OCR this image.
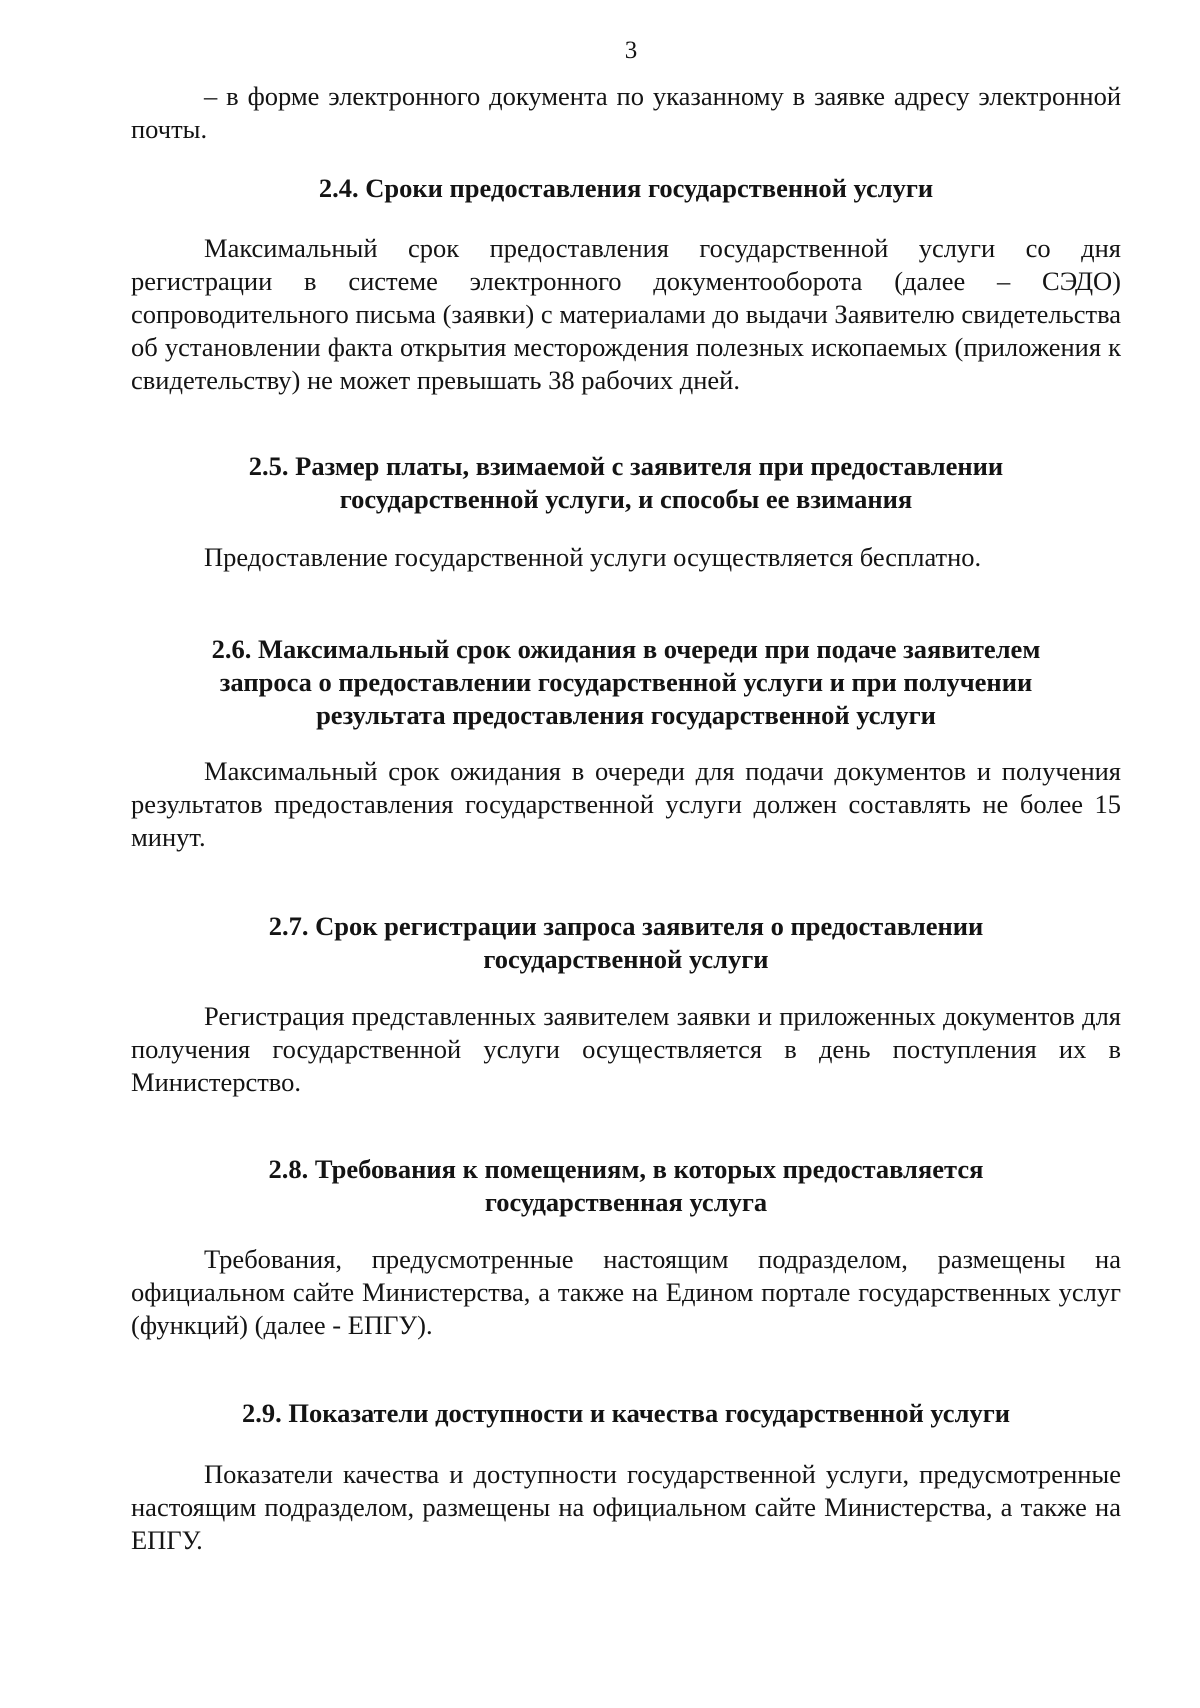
3

– в форме электронного документа по указанному в заявке адресу электронной почты.

2.4. Сроки предоставления государственной услуги

Максимальный срок предоставления государственной услуги со дня регистрации в системе электронного документооборота (далее – СЭДО) сопроводительного письма (заявки) с материалами до выдачи Заявителю свидетельства об установлении факта открытия месторождения полезных ископаемых (приложения к свидетельству) не может превышать 38 рабочих дней.

2.5. Размер платы, взимаемой с заявителя при предоставлении
государственной услуги, и способы ее взимания

Предоставление государственной услуги осуществляется бесплатно.

2.6. Максимальный срок ожидания в очереди при подаче заявителем
запроса о предоставлении государственной услуги и при получении
результата предоставления государственной услуги

Максимальный срок ожидания в очереди для подачи документов и получения результатов предоставления государственной услуги должен составлять не более 15 минут.

2.7. Срок регистрации запроса заявителя о предоставлении
государственной услуги

Регистрация представленных заявителем заявки и приложенных документов для получения государственной услуги осуществляется в день поступления их в Министерство.

2.8. Требования к помещениям, в которых предоставляется
государственная услуга

Требования, предусмотренные настоящим подразделом, размещены на официальном сайте Министерства, а также на Едином портале государственных услуг (функций) (далее - ЕПГУ).

2.9. Показатели доступности и качества государственной услуги

Показатели качества и доступности государственной услуги, предусмотренные настоящим подразделом, размещены на официальном сайте Министерства, а также на ЕПГУ.
